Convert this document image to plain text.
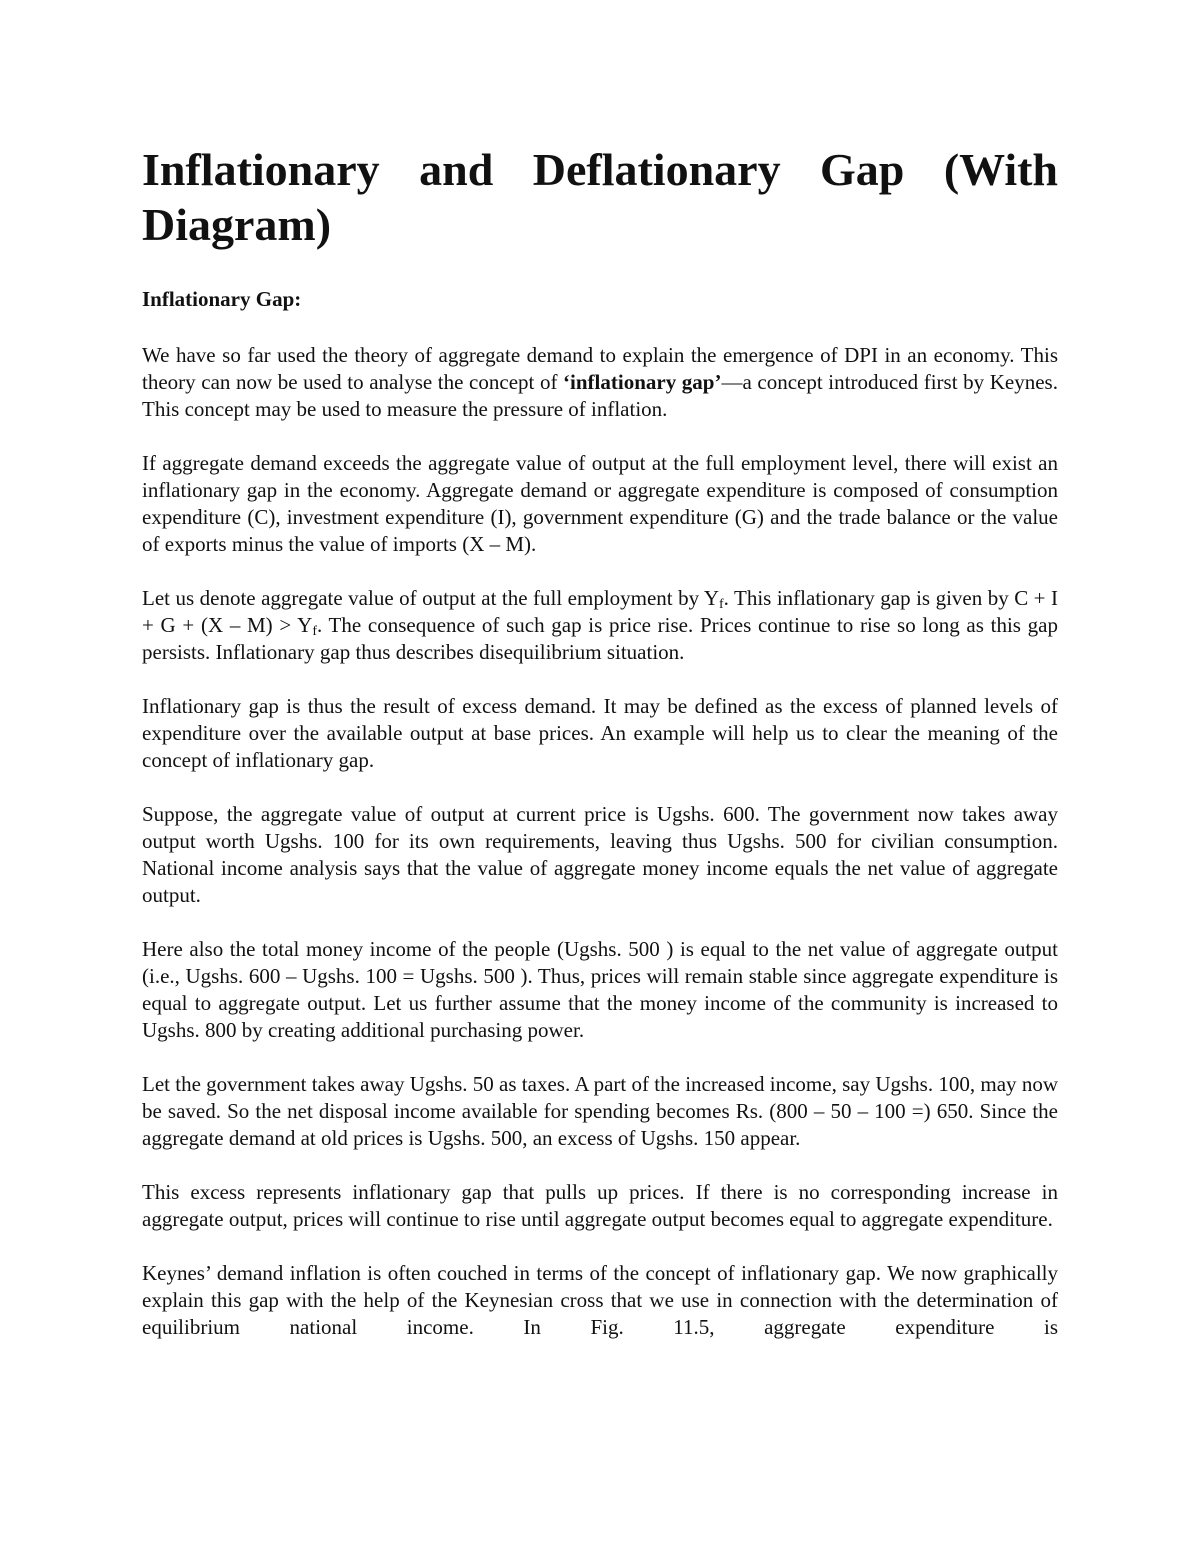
Inflationary and Deflationary Gap (With Diagram)
Inflationary Gap:

We have so far used the theory of aggregate demand to explain the emergence of DPI in an economy. This theory can now be used to analyse the concept of ‘inflationary gap’—a concept introduced first by Keynes. This concept may be used to measure the pressure of inflation.

If aggregate demand exceeds the aggregate value of output at the full employment level, there will exist an inflationary gap in the economy. Aggregate demand or aggregate expenditure is composed of consumption expenditure (C), investment expenditure (I), government expenditure (G) and the trade balance or the value of exports minus the value of imports (X – M).

Let us denote aggregate value of output at the full employment by $Y_f$. This inflationary gap is given by $C + I + G + (X - M) > Y_f$. The consequence of such gap is price rise. Prices continue to rise so long as this gap persists. Inflationary gap thus describes disequilibrium situation.

Inflationary gap is thus the result of excess demand. It may be defined as the excess of planned levels of expenditure over the available output at base prices. An example will help us to clear the meaning of the concept of inflationary gap.

Suppose, the aggregate value of output at current price is Ugshs. 600. The government now takes away output worth Ugshs. 100 for its own requirements, leaving thus Ugshs. 500 for civilian consumption. National income analysis says that the value of aggregate money income equals the net value of aggregate output.

Here also the total money income of the people (Ugshs. 500 ) is equal to the net value of aggregate output (i.e., Ugshs. 600 – Ugshs. 100 = Ugshs. 500 ). Thus, prices will remain stable since aggregate expenditure is equal to aggregate output. Let us further assume that the money income of the community is increased to Ugshs. 800 by creating additional purchasing power.

Let the government takes away Ugshs. 50 as taxes. A part of the increased income, say Ugshs. 100, may now be saved. So the net disposal income available for spending becomes Rs. (800 – 50 – 100 =) 650. Since the aggregate demand at old prices is Ugshs. 500, an excess of Ugshs. 150 appear.

This excess represents inflationary gap that pulls up prices. If there is no corresponding increase in aggregate output, prices will continue to rise until aggregate output becomes equal to aggregate expenditure.

Keynes’ demand inflation is often couched in terms of the concept of inflationary gap. We now graphically explain this gap with the help of the Keynesian cross that we use in connection with the determination of equilibrium national income. In Fig. 11.5, aggregate expenditure is
